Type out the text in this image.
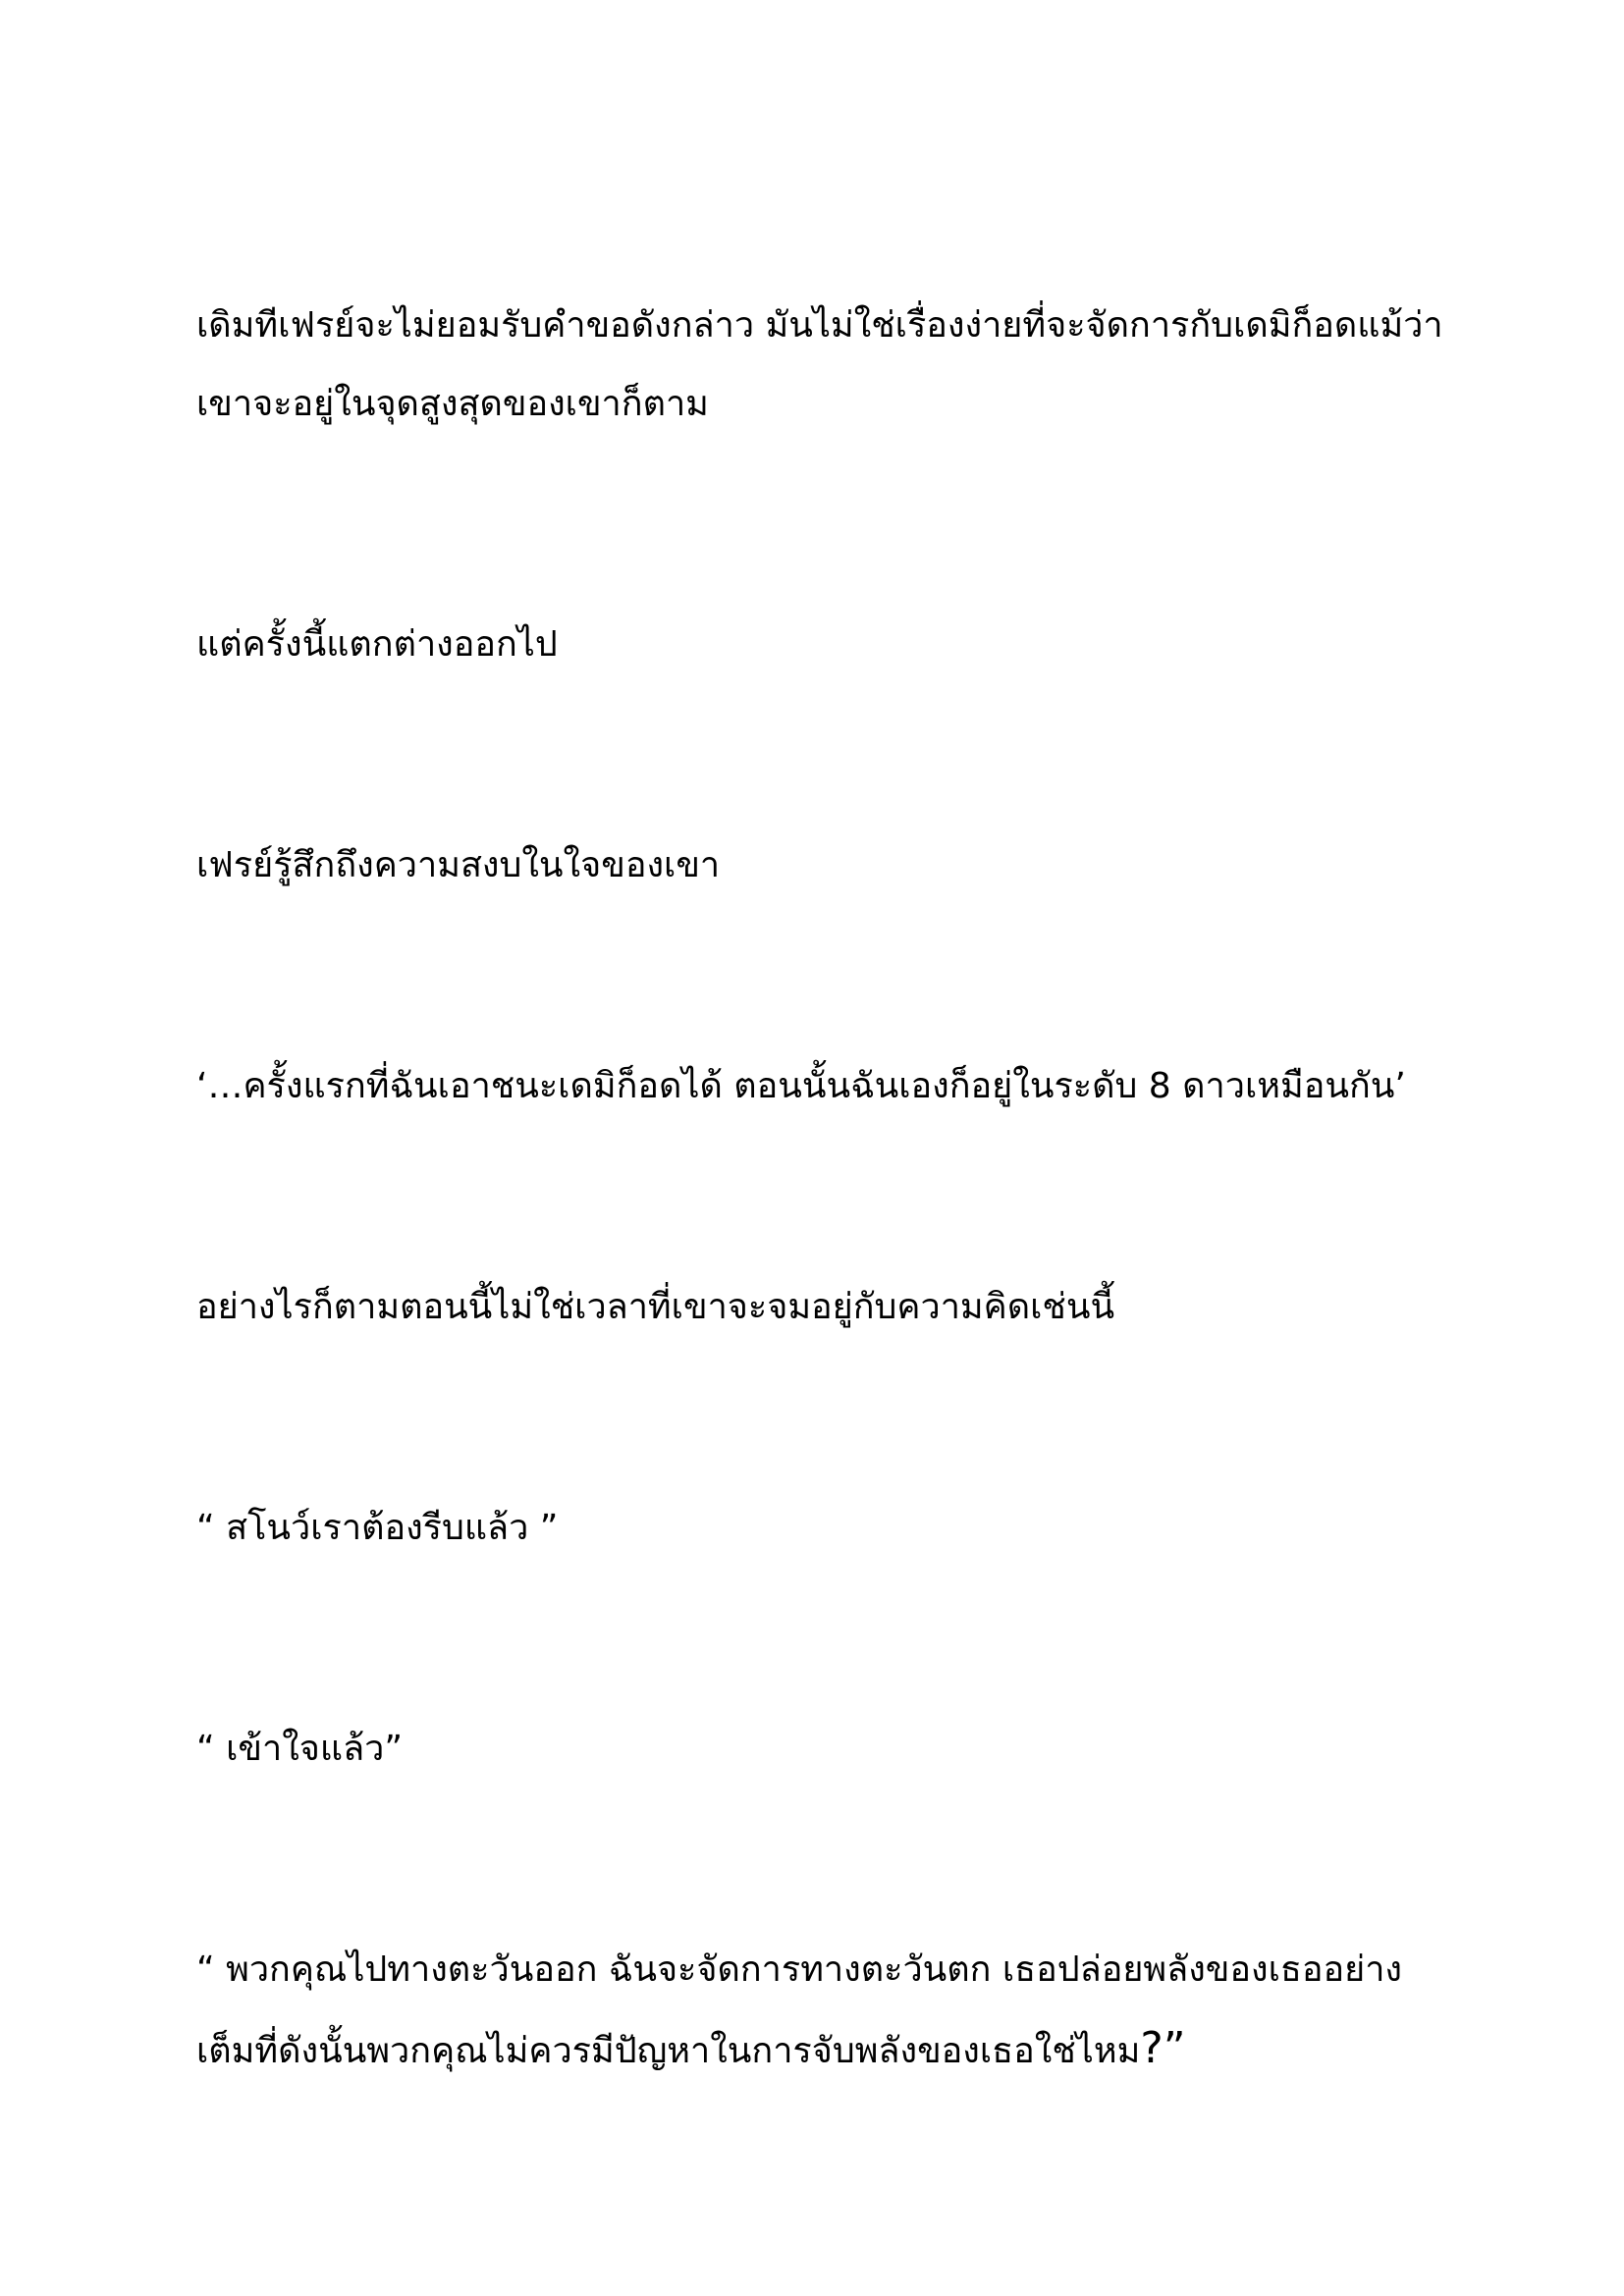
เดิมทีเฟรย์จะไม่ยอมรับคำขอดังกล่าว มันไม่ใช่เรื่องง่ายที่จะจัดการกับเดมิก็อดแม้ว่า
เขาจะอยู่ในจุดสูงสุดของเขาก็ตาม
แต่ครั้งนี้แตกต่างออกไป
เฟรย์รู้สึกถึงความสงบในใจของเขา
‘…ครั้งแรกที่ฉันเอาชนะเดมิก็อดได้ ตอนนั้นฉันเองก็อยู่ในระดับ 8 ดาวเหมือนกัน’
อย่างไรก็ตามตอนนี้ไม่ใช่เวลาที่เขาจะจมอยู่กับความคิดเช่นนี้
“ สโนว์เราต้องรีบแล้ว ”
“ เข้าใจแล้ว”
“ พวกคุณไปทางตะวันออก ฉันจะจัดการทางตะวันตก เธอปล่อยพลังของเธออย่าง
เต็มที่ดังนั้นพวกคุณไม่ควรมีปัญหาในการจับพลังของเธอใช่ไหม?”
